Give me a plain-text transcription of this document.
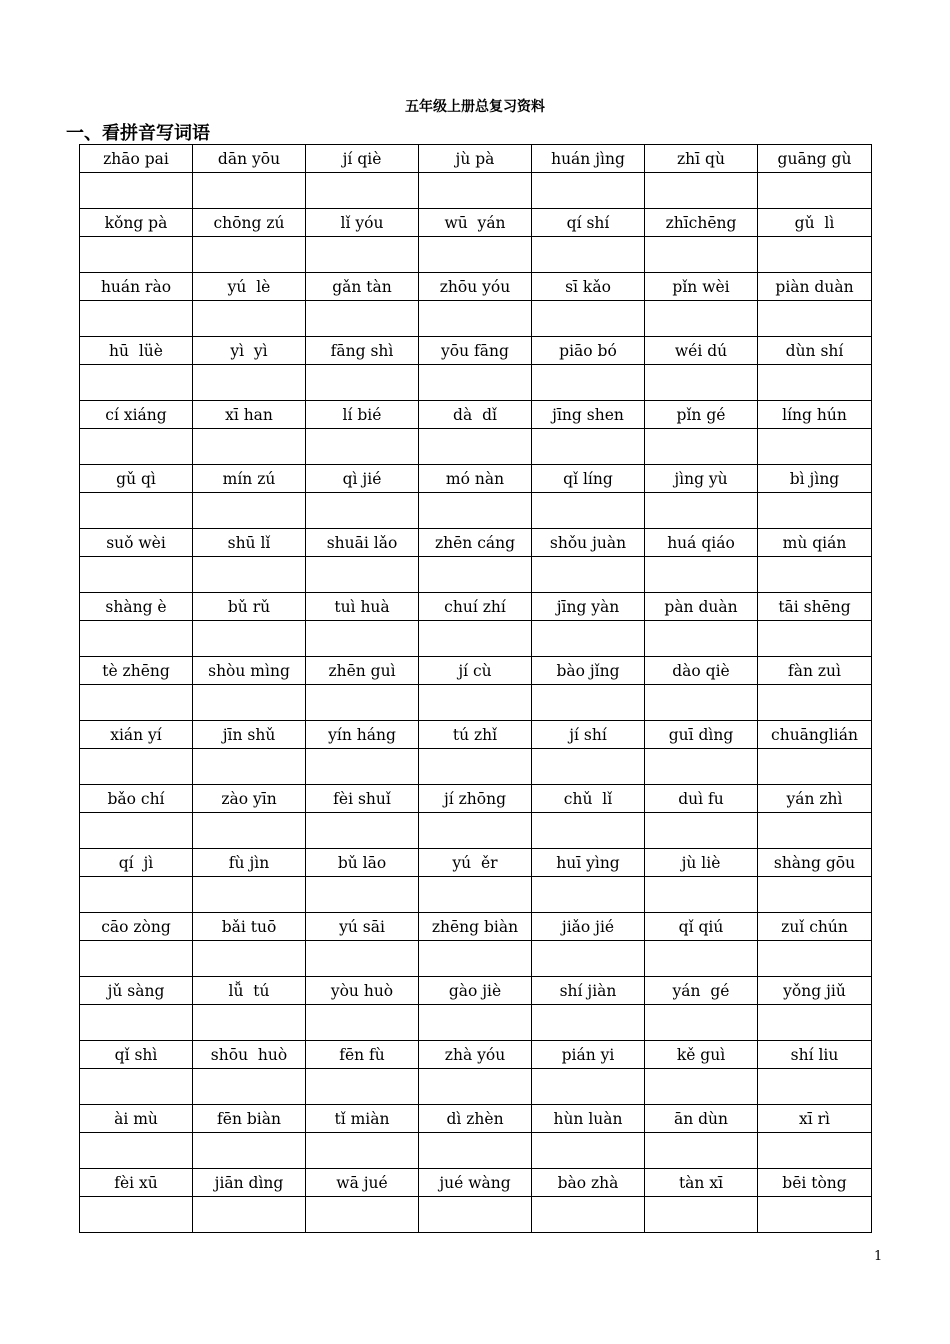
五年级上册总复习资料
一、看拼音写词语
zhāo pai	dān yōu	jí qiè	jù pà	huán jìng	zhī qù	guāng gù

kǒng pà	chōng zú	lǐ yóu	wū  yán	qí shí	zhīchēng	gǔ  lì

huán rào	yú  lè	gǎn tàn	zhōu yóu	sī kǎo	pǐn wèi	piàn duàn

hū  lüè	yì  yì	fāng shì	yōu fāng	piāo bó	wéi dú	dùn shí

cí xiáng	xī han	lí bié	dà  dǐ	jīng shen	pǐn gé	líng hún

gǔ qì	mín zú	qì jié	mó nàn	qǐ líng	jìng yù	bì jìng

suǒ wèi	shū lǐ	shuāi lǎo	zhēn cáng	shǒu juàn	huá qiáo	mù qián

shàng è	bǔ rǔ	tuì huà	chuí zhí	jīng yàn	pàn duàn	tāi shēng

tè zhēng	shòu mìng	zhēn guì	jí cù	bào jǐng	dào qiè	fàn zuì

xián yí	jīn shǔ	yín háng	tú zhǐ	jí shí	guī dìng	chuānglián

bǎo chí	zào yīn	fèi shuǐ	jí zhōng	chǔ  lǐ	duì fu	yán zhì

qí  jì	fù jìn	bǔ lāo	yú  ěr	huī yìng	jù liè	shàng gōu

cāo zòng	bǎi tuō	yú sāi	zhēng biàn	jiǎo jié	qǐ qiú	zuǐ chún

jǔ sàng	lǚ  tú	yòu huò	gào jiè	shí jiàn	yán  gé	yǒng jiǔ

qǐ shì	shōu  huò	fēn fù	zhà yóu	pián yi	kě guì	shí liu

ài mù	fēn biàn	tǐ miàn	dì zhèn	hùn luàn	ān dùn	xī rì

fèi xū	jiān dìng	wā jué	jué wàng	bào zhà	tàn xī	bēi tòng

1
